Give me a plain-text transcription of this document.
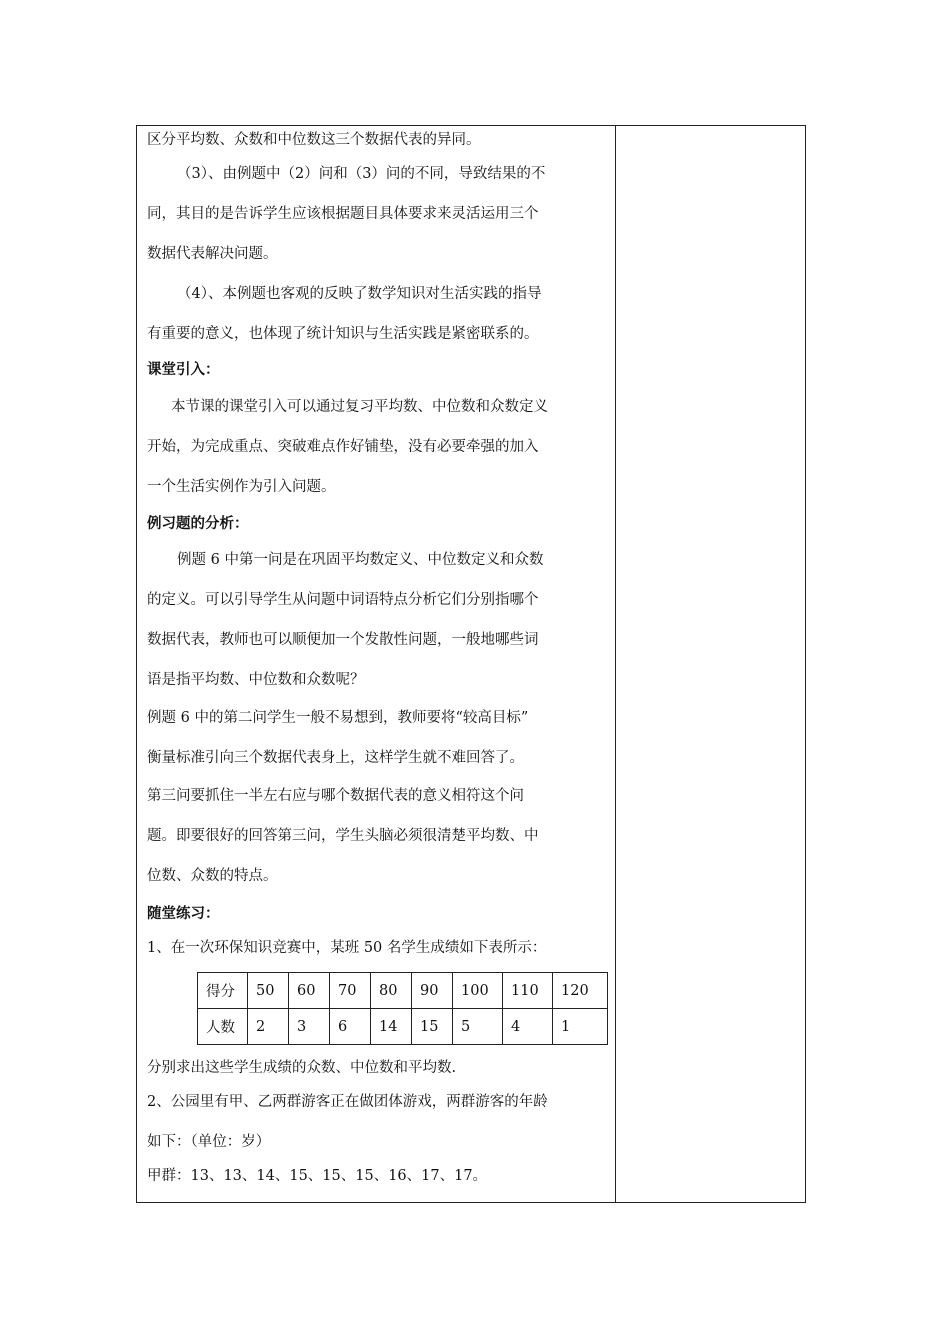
区分平均数、众数和中位数这三个数据代表的异同。
（3）、由例题中（2）问和（3）问的不同，导致结果的不
同，其目的是告诉学生应该根据题目具体要求来灵活运用三个
数据代表解决问题。
（4）、本例题也客观的反映了数学知识对生活实践的指导
有重要的意义，也体现了统计知识与生活实践是紧密联系的。
课堂引入：
本节课的课堂引入可以通过复习平均数、中位数和众数定义
开始，为完成重点、突破难点作好铺垫，没有必要牵强的加入
一个生活实例作为引入问题。
例习题的分析：
例题 6 中第一问是在巩固平均数定义、中位数定义和众数
的定义。可以引导学生从问题中词语特点分析它们分别指哪个
数据代表，教师也可以顺便加一个发散性问题，一般地哪些词
语是指平均数、中位数和众数呢？
例题 6 中的第二问学生一般不易想到，教师要将“较高目标”
衡量标准引向三个数据代表身上，这样学生就不难回答了。
第三问要抓住一半左右应与哪个数据代表的意义相符这个问
题。即要很好的回答第三问，学生头脑必须很清楚平均数、中
位数、众数的特点。
随堂练习：
1、在一次环保知识竞赛中，某班 50 名学生成绩如下表所示：
得分	50	60	70	80	90	100	110	120
人数	2	3	6	14	15	5	4	1
分别求出这些学生成绩的众数、中位数和平均数.
2、公园里有甲、乙两群游客正在做团体游戏，两群游客的年龄
如下：（单位：岁）
甲群：13、13、14、15、15、15、16、17、17。
